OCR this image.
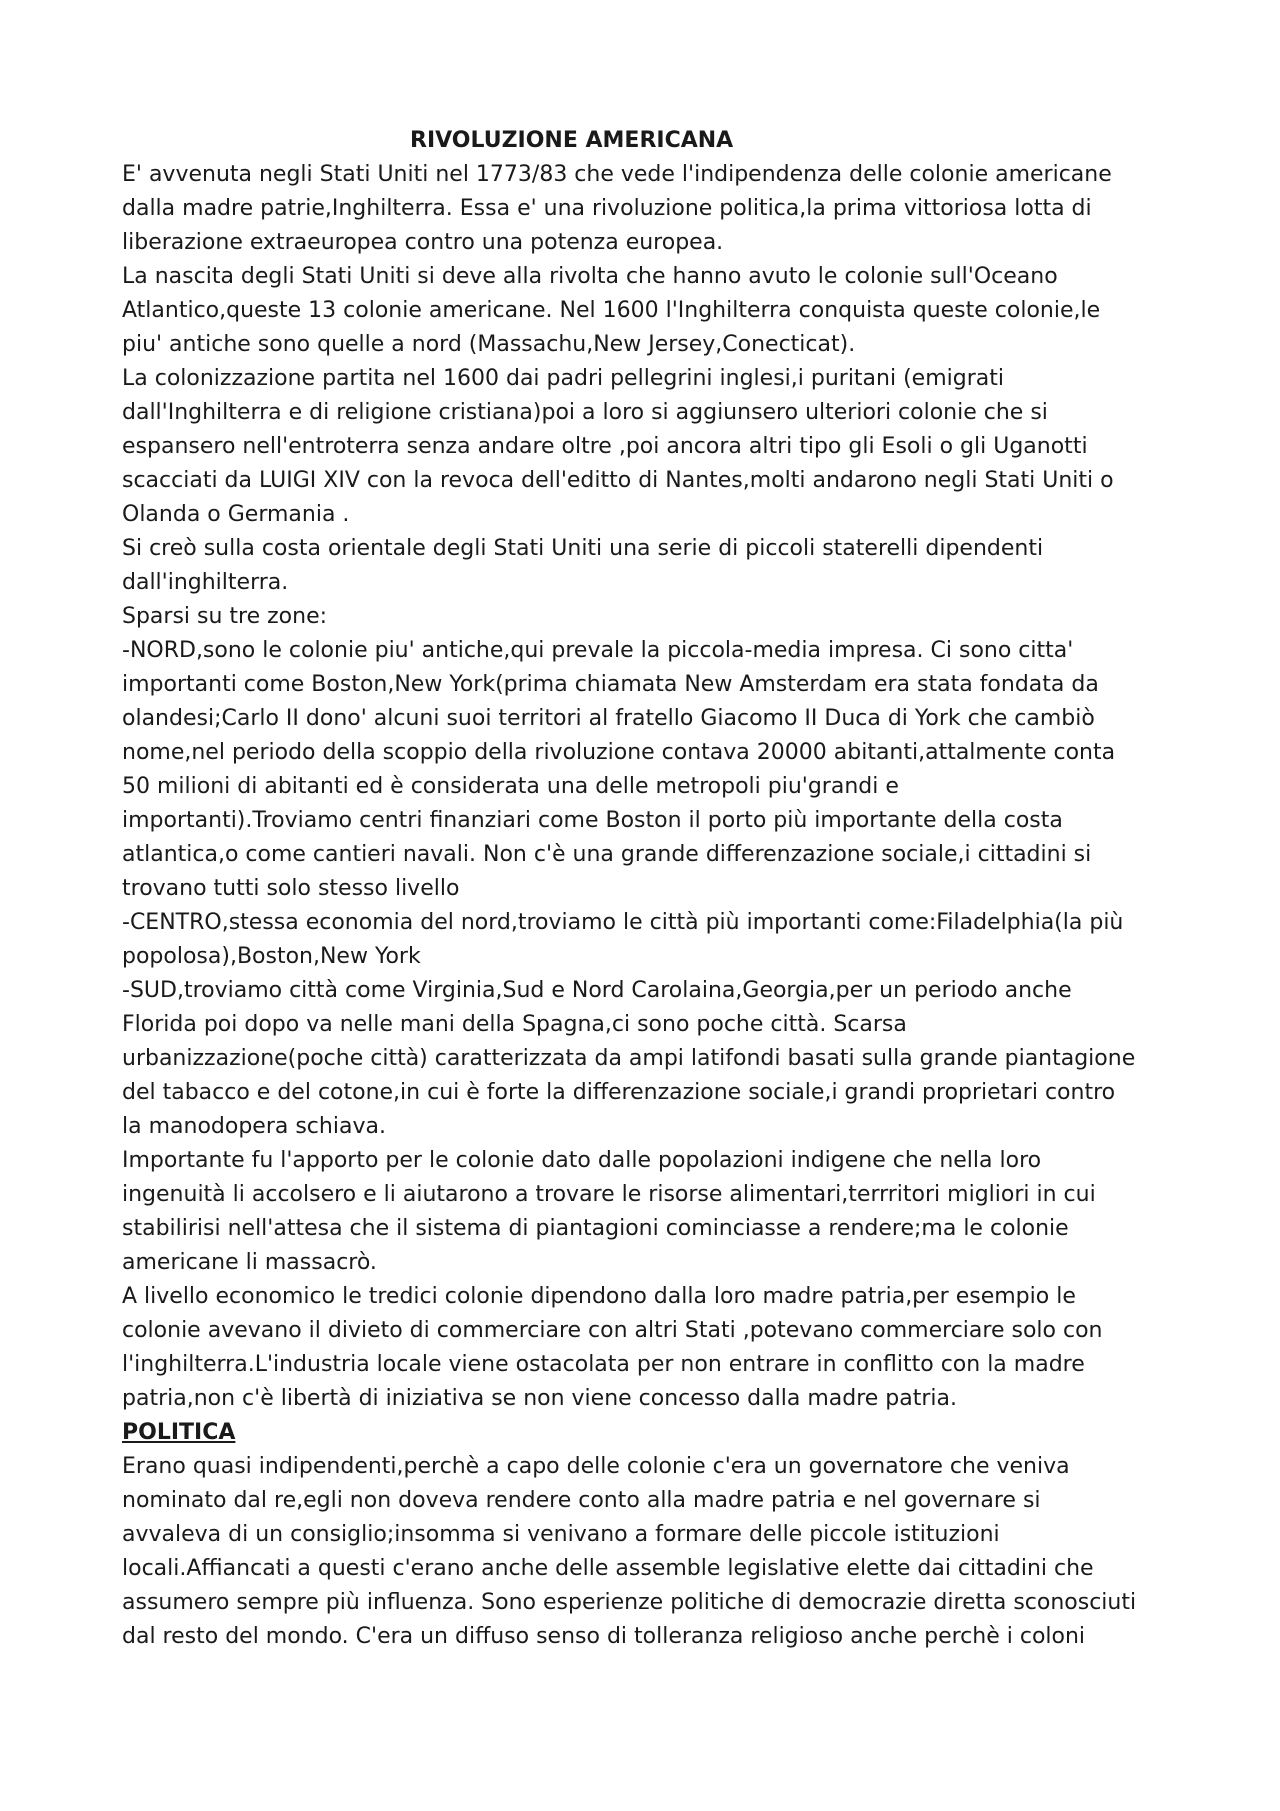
RIVOLUZIONE AMERICANA
E' avvenuta negli Stati Uniti nel 1773/83 che vede l'indipendenza delle colonie americane
dalla madre patrie,Inghilterra. Essa e' una rivoluzione politica,la prima vittoriosa lotta di
liberazione extraeuropea contro una potenza europea.
La nascita degli Stati Uniti si deve alla rivolta che hanno avuto le colonie sull'Oceano
Atlantico,queste 13 colonie americane. Nel 1600 l'Inghilterra conquista queste colonie,le
piu' antiche sono quelle a nord (Massachu,New Jersey,Conecticat).
La colonizzazione partita nel 1600 dai padri pellegrini inglesi,i puritani (emigrati
dall'Inghilterra e di religione cristiana)poi a loro si aggiunsero ulteriori colonie che si
espansero nell'entroterra senza andare oltre ,poi ancora altri tipo gli Esoli o gli Uganotti
scacciati da LUIGI XIV con la revoca dell'editto di Nantes,molti andarono negli Stati Uniti o
Olanda o Germania .
Si creò sulla costa orientale degli Stati Uniti una serie di piccoli staterelli dipendenti
dall'inghilterra.
Sparsi su tre zone:
-NORD,sono le colonie piu' antiche,qui prevale la piccola-media impresa. Ci sono citta'
importanti come Boston,New York(prima chiamata New Amsterdam era stata fondata da
olandesi;Carlo II dono' alcuni suoi territori al fratello Giacomo II Duca di York che cambiò
nome,nel periodo della scoppio della rivoluzione contava 20000 abitanti,attalmente conta
50 milioni di abitanti ed è considerata una delle metropoli piu'grandi e
importanti).Troviamo centri finanziari come Boston il porto più importante della costa
atlantica,o come cantieri navali. Non c'è una grande differenzazione sociale,i cittadini si
trovano tutti solo stesso livello
-CENTRO,stessa economia del nord,troviamo le città più importanti come:Filadelphia(la più
popolosa),Boston,New York
-SUD,troviamo città come Virginia,Sud e Nord Carolaina,Georgia,per un periodo anche
Florida poi dopo va nelle mani della Spagna,ci sono poche città. Scarsa
urbanizzazione(poche città) caratterizzata da ampi latifondi basati sulla grande piantagione
del tabacco e del cotone,in cui è forte la differenzazione sociale,i grandi proprietari contro
la manodopera schiava.
Importante fu l'apporto per le colonie dato dalle popolazioni indigene che nella loro
ingenuità li accolsero e li aiutarono a trovare le risorse alimentari,terrritori migliori in cui
stabilirisi nell'attesa che il sistema di piantagioni cominciasse a rendere;ma le colonie
americane li massacrò.
A livello economico le tredici colonie dipendono dalla loro madre patria,per esempio le
colonie avevano il divieto di commerciare con altri Stati ,potevano commerciare solo con
l'inghilterra.L'industria locale viene ostacolata per non entrare in conflitto con la madre
patria,non c'è libertà di iniziativa se non viene concesso dalla madre patria.
POLITICA
Erano quasi indipendenti,perchè a capo delle colonie c'era un governatore che veniva
nominato dal re,egli non doveva rendere conto alla madre patria e nel governare si
avvaleva di un consiglio;insomma si venivano a formare delle piccole istituzioni
locali.Affiancati a questi c'erano anche delle assemble legislative elette dai cittadini che
assumero sempre più influenza. Sono esperienze politiche di democrazie diretta sconosciuti
dal resto del mondo. C'era un diffuso senso di tolleranza religioso anche perchè i coloni
